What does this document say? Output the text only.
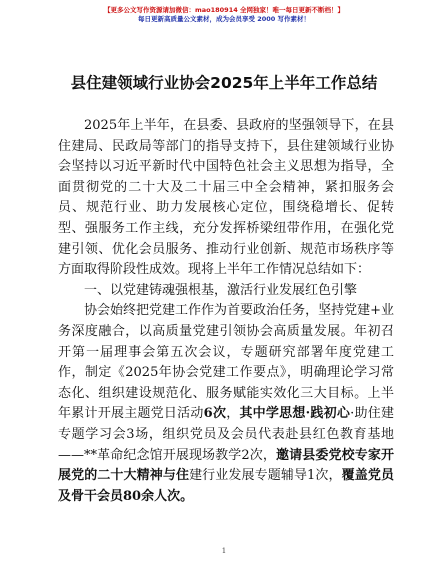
【更多公文写作资源请加微信：mao180914 全网独家！唯一每日更新不断档！】
每日更新高质量公文素材，成为会员享受 2000 写作素材！
县住建领域行业协会2025年上半年工作总结

2025年上半年，在县委、县政府的坚强领导下，在县住建局、民政局等部门的指导支持下，县住建领域行业协会坚持以习近平新时代中国特色社会主义思想为指导，全面贯彻党的二十大及二十届三中全会精神，紧扣服务会员、规范行业、助力发展核心定位，围绕稳增长、促转型、强服务工作主线，充分发挥桥梁纽带作用，在强化党建引领、优化会员服务、推动行业创新、规范市场秩序等方面取得阶段性成效。现将上半年工作情况总结如下：

一、以党建铸魂强根基，激活行业发展红色引擎

协会始终把党建工作作为首要政治任务，坚持党建+业务深度融合，以高质量党建引领协会高质量发展。年初召开第一届理事会第五次会议，专题研究部署年度党建工作，制定《2025年协会党建工作要点》，明确理论学习常态化、组织建设规范化、服务赋能实效化三大目标。上半年累计开展主题党日活动6次，其中学思想·践初心·助住建专题学习会3场，组织党员及会员代表赴县红色教育基地——**革命纪念馆开展现场教学2次，邀请县委党校专家开展党的二十大精神与住建行业发展专题辅导1次，覆盖党员及骨干会员80余人次。

1
